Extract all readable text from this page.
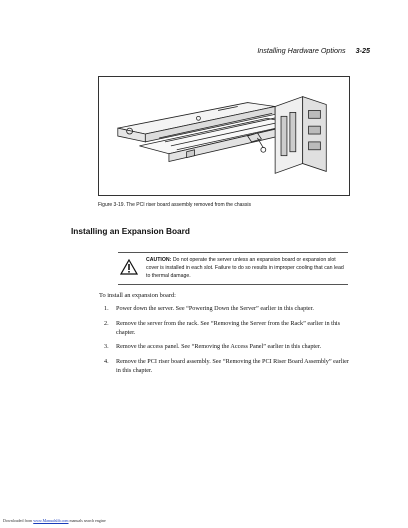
Installing Hardware Options 3-25
Figure 3-19. The PCI riser board assembly removed from the chassis
Installing an Expansion Board
CAUTION: Do not operate the server unless an expansion board or expansion slot cover is installed in each slot. Failure to do so results in improper cooling that can lead to thermal damage.
To install an expansion board:
1. Power down the server. See “Powering Down the Server” earlier in this chapter.
2. Remove the server from the rack. See “Removing the Server from the Rack” earlier in this chapter.
3. Remove the access panel. See “Removing the Access Panel” earlier in this chapter.
4. Remove the PCI riser board assembly. See “Removing the PCI Riser Board Assembly” earlier in this chapter.
Downloaded from www.Manualslib.com manuals search engine
